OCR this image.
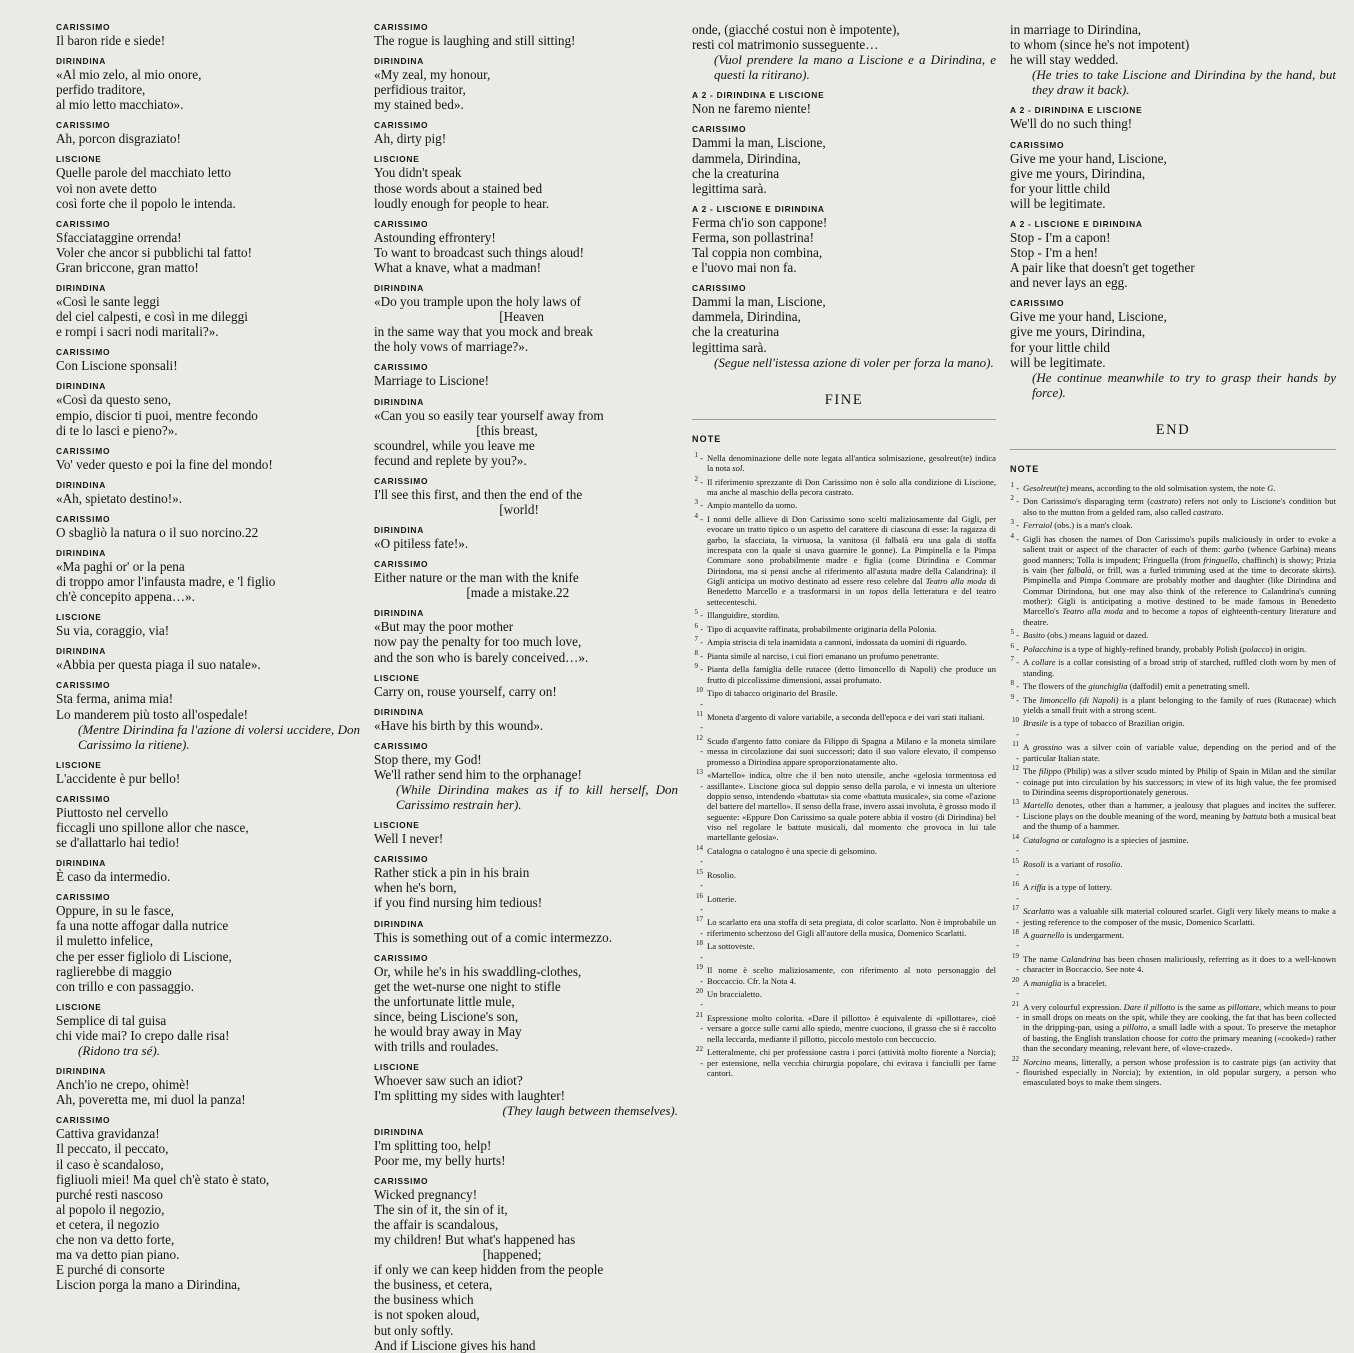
CARISSIMO
Il baron ride e siede!
DIRINDINA
«Al mio zelo, al mio onore,
perfido traditore,
al mio letto macchiato».
CARISSIMO
Ah, porcon disgraziato!
LISCIONE
Quelle parole del macchiato letto
voi non avete detto
così forte che il popolo le intenda.
CARISSIMO
Sfacciataggine orrenda!
Voler che ancor si pubblichi tal fatto!
Gran briccone, gran matto!
DIRINDINA
«Così le sante leggi
del ciel calpesti, e così in me dileggi
e rompi i sacri nodi maritali?».
CARISSIMO
Con Liscione sponsali!
DIRINDINA
«Così da questo seno,
empio, discior ti puoi, mentre fecondo
di te lo lasci e pieno?».
CARISSIMO
Vo' veder questo e poi la fine del mondo!
DIRINDINA
«Ah, spietato destino!».
CARISSIMO
O sbagliò la natura o il suo norcino.22
DIRINDINA
«Ma paghi or' or la pena
di troppo amor l'infausta madre, e 'l figlio
ch'è concepito appena…».
LISCIONE
Su via, coraggio, via!
DIRINDINA
«Abbia per questa piaga il suo natale».
CARISSIMO
Sta ferma, anima mia!
Lo manderem più tosto all'ospedale!
(Mentre Dirindina fa l'azione di volersi uccidere, Don Carissimo la ritiene).
LISCIONE
L'accidente è pur bello!
CARISSIMO
Piuttosto nel cervello
ficcagli uno spillone allor che nasce,
se d'allattarlo hai tedio!
DIRINDINA
È caso da intermedio.
CARISSIMO
Oppure, in su le fasce,
fa una notte affogar dalla nutrice
il muletto infelice,
che per esser figliolo di Liscione,
raglierebbe di maggio
con trillo e con passaggio.
LISCIONE
Semplice di tal guisa
chi vide mai? Io crepo dalle risa!
(Ridono tra sé).
DIRINDINA
Anch'io ne crepo, ohimè!
Ah, poveretta me, mi duol la panza!
CARISSIMO
Cattiva gravidanza!
Il peccato, il peccato,
il caso è scandaloso,
figliuoli miei! Ma quel ch'è stato è stato,
purché resti nascoso
al popolo il negozio,
et cetera, il negozio
che non va detto forte,
ma va detto pian piano.
E purché di consorte
Liscion porga la mano a Dirindina,
CARISSIMO
The rogue is laughing and still sitting!
DIRINDINA
«My zeal, my honour,
perfidious traitor,
my stained bed».
CARISSIMO
Ah, dirty pig!
LISCIONE
You didn't speak
those words about a stained bed
loudly enough for people to hear.
CARISSIMO
Astounding effrontery!
To want to broadcast such things aloud!
What a knave, what a madman!
DIRINDINA
«Do you trample upon the holy laws of
[Heaven
in the same way that you mock and break
the holy vows of marriage?».
CARISSIMO
Marriage to Liscione!
DIRINDINA
«Can you so easily tear yourself away from
[this breast,
scoundrel, while you leave me
fecund and replete by you?».
CARISSIMO
I'll see this first, and then the end of the
[world!
DIRINDINA
«O pitiless fate!».
CARISSIMO
Either nature or the man with the knife
[made a mistake.22
DIRINDINA
«But may the poor mother
now pay the penalty for too much love,
and the son who is barely conceived…».
LISCIONE
Carry on, rouse yourself, carry on!
DIRINDINA
«Have his birth by this wound».
CARISSIMO
Stop there, my God!
We'll rather send him to the orphanage!
(While Dirindina makes as if to kill herself, Don Carissimo restrain her).
LISCIONE
Well I never!
CARISSIMO
Rather stick a pin in his brain
when he's born,
if you find nursing him tedious!
DIRINDINA
This is something out of a comic intermezzo.
CARISSIMO
Or, while he's in his swaddling-clothes,
get the wet-nurse one night to stifle
the unfortunate little mule,
since, being Liscione's son,
he would bray away in May
with trills and roulades.
LISCIONE
Whoever saw such an idiot?
I'm splitting my sides with laughter!
(They laugh between themselves).
DIRINDINA
I'm splitting too, help!
Poor me, my belly hurts!
CARISSIMO
Wicked pregnancy!
The sin of it, the sin of it,
the affair is scandalous,
my children! But what's happened has
[happened;
if only we can keep hidden from the people
the business, et cetera,
the business which
is not spoken aloud,
but only softly.
And if Liscione gives his hand
onde, (giacché costui non è impotente),
resti col matrimonio susseguente…
(Vuol prendere la mano a Liscione e a Dirindina, e questi la ritirano).
A 2 - DIRINDINA E LISCIONE
Non ne faremo niente!
CARISSIMO
Dammi la man, Liscione,
dammela, Dirindina,
che la creaturina
legittima sarà.
A 2 - LISCIONE E DIRINDINA
Ferma ch'io son cappone!
Ferma, son pollastrina!
Tal coppia non combina,
e l'uovo mai non fa.
CARISSIMO
Dammi la man, Liscione,
dammela, Dirindina,
che la creaturina
legittima sarà.
(Segue nell'istessa azione di voler per forza la mano).
FINE
NOTE
$^1$ - Nella denominazione delle note legata all'antica solmisazione, gesolreut(te) indica la nota sol.
$^2$ - Il riferimento sprezzante di Don Carissimo non è solo alla condizione di Liscione, ma anche al maschio della pecora castrato.
$^3$ - Ampio mantello da uomo.
$^4$ - I nomi delle allieve di Don Carissimo sono scelti maliziosamente dal Gigli, per evocare un tratto tipico o un aspetto del carattere di ciascuna di esse: la ragazza di garbo, la sfacciata, la virtuosa, la vanitosa (il falbalà era una gala di stoffa increspata con la quale si usava guarnire le gonne). La Pimpinella e la Pimpa Commare sono probabilmente madre e figlia (come Dirindina e Commar Dirindona, ma si pensi anche al riferimento all'astuta madre della Calandrina): il Gigli anticipa un motivo destinato ad essere reso celebre dal Teatro alla moda di Benedetto Marcello e a trasformarsi in un topos della letteratura e del teatro settecenteschi.
$^5$ - Illanguidire, stordito.
$^6$ - Tipo di acquavite raffinata, probabilmente originaria della Polonia.
$^7$ - Ampia striscia di tela inamidata a cannoni, indossata da uomini di riguardo.
$^8$ - Pianta simile al narciso, i cui fiori emanano un profumo penetrante.
$^9$ - Pianta della famiglia delle rutacee (detto limoncello di Napoli) che produce un frutto di piccolissime dimensioni, assai profumato.
$^{10}$ -
Tipo di tabacco originario del Brasile.
$^{11}$ -
Moneta d'argento di valore variabile, a seconda dell'epoca e dei vari stati italiani.
$^{12}$ -
Scudo d'argento fatto coniare da Filippo di Spagna a Milano e la moneta similare messa in circolazione dai suoi successori; dato il suo valore elevato, il compenso promesso a Dirindina appare sproporzionatamente alto.
$^{13}$ -
«Martello» indica, oltre che il ben noto utensile, anche «gelosia tormentosa ed assillante». Liscione gioca sul doppio senso della parola, e vi innesta un ulteriore doppio senso, intendendo «battuta» sia come «battuta musicale», sia come «l'azione del battere del martello». Il senso della frase, invero assai involuta, è grosso modo il seguente: «Eppure Don Carissimo sa quale potere abbia il vostro (di Dirindina) bel viso nel regolare le battute musicali, dal momento che provoca in lui tale martellante gelosia».
$^{14}$ -
Catalogna o catalogno è una specie di gelsomino.
$^{15}$ -
Rosolio.
$^{16}$ -
Lotterie.
$^{17}$ -
Lo scarlatto era una stoffa di seta pregiata, di color scarlatto. Non è improbabile un riferimento scherzoso del Gigli all'autore della musica, Domenico Scarlatti.
$^{18}$ -
La sottoveste.
$^{19}$ -
Il nome è scelto maliziosamente, con riferimento al noto personaggio del Boccaccio. Cfr. la Nota 4.
$^{20}$ -
Un braccialetto.
$^{21}$ -
Espressione molto colorita. «Dare il pillotto» è equivalente di «pillottare», cioè versare a gocce sulle carni allo spiedo, mentre cuociono, il grasso che si è raccolto nella leccarda, mediante il pillotto, piccolo mestolo con beccuccio.
$^{22}$ -
Letteralmente, chi per professione castra i porci (attività molto fiorente a Norcia); per estensione, nella vecchia chirurgia popolare, chi evirava i fanciulli per farne cantori.
in marriage to Dirindina,
to whom (since he's not impotent)
he will stay wedded.
(He tries to take Liscione and Dirindina by the hand, but they draw it back).
A 2 - DIRINDINA E LISCIONE
We'll do no such thing!
CARISSIMO
Give me your hand, Liscione,
give me yours, Dirindina,
for your little child
will be legitimate.
A 2 - LISCIONE E DIRINDINA
Stop - I'm a capon!
Stop - I'm a hen!
A pair like that doesn't get together
and never lays an egg.
CARISSIMO
Give me your hand, Liscione,
give me yours, Dirindina,
for your little child
will be legitimate.
(He continue meanwhile to try to grasp their hands by force).
END
NOTE
$^1$ - Gesolreut(te) means, according to the old solmisation system, the note G.
$^2$ - Don Carissimo's disparaging term (castrato) refers not only to Liscione's condition but also to the mutton from a gelded ram, also called castrato.
$^3$ - Ferraiol (obs.) is a man's cloak.
$^4$ - Gigli has chosen the names of Don Carissimo's pupils maliciously in order to evoke a salient trait or aspect of the character of each of them: garbo (whence Garbina) means good manners; Tolla is impudent; Fringuella (from fringuello, chaffinch) is showy; Prizia is vain (her falbalà, or frill, was a furled trimming used at the time to decorate skirts). Pimpinella and Pimpa Commare are probably mother and daughter (like Dirindina and Commar Dirindona, but one may also think of the reference to Calandrina's cunning mother): Gigli is anticipating a motive destined to be made famous in Benedetto Marcello's Teatro alla moda and to become a topos of eighteenth-century literature and theatre.
$^5$ - Basito (obs.) means laguid or dazed.
$^6$ - Polacchina is a type of highly-refined brandy, probably Polish (polacco) in origin.
$^7$ - A collare is a collar consisting of a broad strip of starched, ruffled cloth worn by men of standing.
$^8$ - The flowers of the giunchiglia (daffodil) emit a penetrating smell.
$^9$ - The limoncello (di Napoli) is a plant belonging to the family of rues (Rutaceae) which yields a small fruit with a strong scent.
$^{10}$ -
Brasile is a type of tobacco of Brazilian origin.
$^{11}$ -
A grossino was a silver coin of variable value, depending on the period and of the particular Italian state.
$^{12}$ -
The filippo (Philip) was a silver scudo minted by Philip of Spain in Milan and the similar coinage put into circulation by his successors; in view of its high value, the fee promised to Dirindina seems disproportionately generous.
$^{13}$ -
Martello denotes, other than a hammer, a jealousy that plagues and incites the sufferer. Liscione plays on the double meaning of the word, meaning by battuta both a musical beat and the thump of a hammer.
$^{14}$ -
Catalogna or catalogno is a spiecies of jasmine.
$^{15}$ -
Rosoli is a variant of rosolio.
$^{16}$ -
A riffa is a type of lottery.
$^{17}$ -
Scarlatto was a valuable silk material coloured scarlet. Gigli very likely means to make a jesting reference to the composer of the music, Domenico Scarlatti.
$^{18}$ -
A guarnello is undergarment.
$^{19}$ -
The name Calandrina has been chosen maliciously, referring as it does to a well-known character in Boccaccio. See note 4.
$^{20}$ -
A maniglia is a bracelet.
$^{21}$ -
A very colourful expression. Dare il pillotto is the same as pillottare, which means to pour in small drops on meats on the spit, while they are cooking, the fat that has been collected in the dripping-pan, using a pillotto, a small ladle with a spout. To preserve the metaphor of basting, the English translation choose for cotto the primary meaning («cooked») rather than the secondary meaning, relevant here, of «love-crazed».
$^{22}$ -
Norcino means, litterally, a person whose profession is to castrate pigs (an activity that flourished especially in Norcia); by extention, in old popular surgery, a person who emasculated boys to make them singers.
